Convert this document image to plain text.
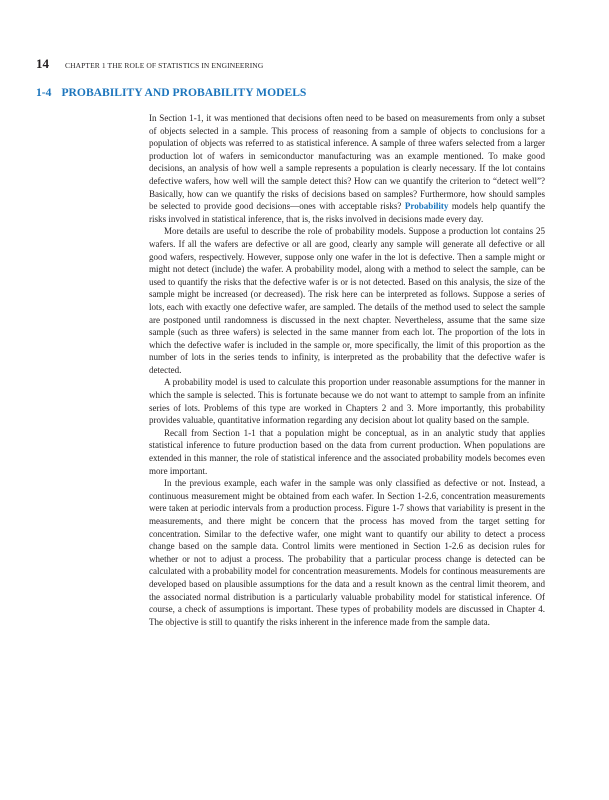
14 CHAPTER 1 THE ROLE OF STATISTICS IN ENGINEERING
1-4 PROBABILITY AND PROBABILITY MODELS

In Section 1-1, it was mentioned that decisions often need to be based on measurements from only a subset of objects selected in a sample. This process of reasoning from a sample of objects to conclusions for a population of objects was referred to as statistical inference. A sample of three wafers selected from a larger production lot of wafers in semiconductor manufacturing was an example mentioned. To make good decisions, an analysis of how well a sample represents a population is clearly necessary. If the lot contains defective wafers, how well will the sample detect this? How can we quantify the criterion to “detect well”? Basically, how can we quantify the risks of decisions based on samples? Furthermore, how should samples be selected to provide good decisions—ones with acceptable risks? Probability models help quantify the risks involved in statistical inference, that is, the risks involved in decisions made every day.

More details are useful to describe the role of probability models. Suppose a production lot contains 25 wafers. If all the wafers are defective or all are good, clearly any sample will generate all defective or all good wafers, respectively. However, suppose only one wafer in the lot is defective. Then a sample might or might not detect (include) the wafer. A probability model, along with a method to select the sample, can be used to quantify the risks that the defective wafer is or is not detected. Based on this analysis, the size of the sample might be increased (or decreased). The risk here can be interpreted as follows. Suppose a series of lots, each with exactly one defective wafer, are sampled. The details of the method used to select the sample are postponed until randomness is discussed in the next chapter. Nevertheless, assume that the same size sample (such as three wafers) is selected in the same manner from each lot. The proportion of the lots in which the defective wafer is included in the sample or, more specifically, the limit of this proportion as the number of lots in the series tends to infinity, is interpreted as the probability that the defective wafer is detected.

A probability model is used to calculate this proportion under reasonable assumptions for the manner in which the sample is selected. This is fortunate because we do not want to attempt to sample from an infinite series of lots. Problems of this type are worked in Chapters 2 and 3. More importantly, this probability provides valuable, quantitative information regarding any decision about lot quality based on the sample.

Recall from Section 1-1 that a population might be conceptual, as in an analytic study that applies statistical inference to future production based on the data from current production. When populations are extended in this manner, the role of statistical inference and the associated probability models becomes even more important.

In the previous example, each wafer in the sample was only classified as defective or not. Instead, a continuous measurement might be obtained from each wafer. In Section 1-2.6, concentration measurements were taken at periodic intervals from a production process. Figure 1-7 shows that variability is present in the measurements, and there might be concern that the process has moved from the target setting for concentration. Similar to the defective wafer, one might want to quantify our ability to detect a process change based on the sample data. Control limits were mentioned in Section 1-2.6 as decision rules for whether or not to adjust a process. The probability that a particular process change is detected can be calculated with a probability model for concentration measurements. Models for continous measurements are developed based on plausible assumptions for the data and a result known as the central limit theorem, and the associated normal distribution is a particularly valuable probability model for statistical inference. Of course, a check of assumptions is important. These types of probability models are discussed in Chapter 4. The objective is still to quantify the risks inherent in the inference made from the sample data.
